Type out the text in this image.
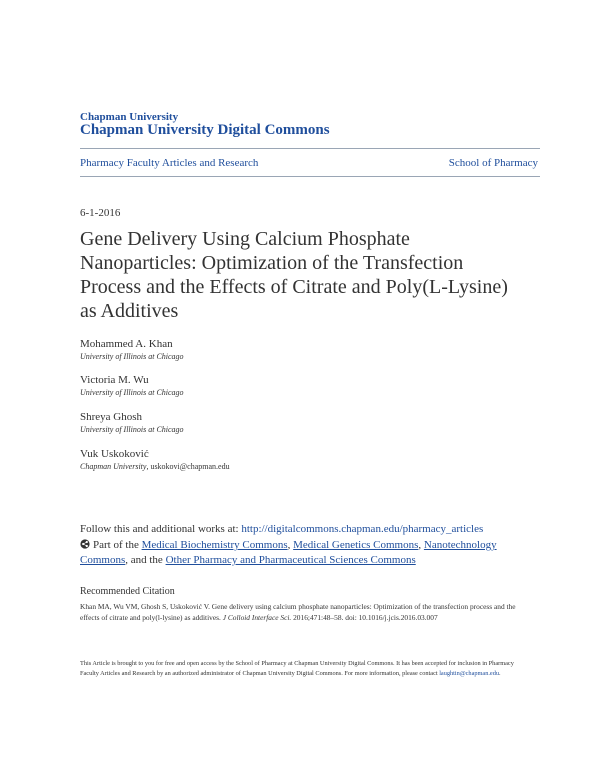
Chapman University
Chapman University Digital Commons
Pharmacy Faculty Articles and Research	School of Pharmacy
6-1-2016
Gene Delivery Using Calcium Phosphate Nanoparticles: Optimization of the Transfection Process and the Effects of Citrate and Poly(L-Lysine) as Additives
Mohammed A. Khan
University of Illinois at Chicago
Victoria M. Wu
University of Illinois at Chicago
Shreya Ghosh
University of Illinois at Chicago
Vuk Uskoković
Chapman University, uskokovi@chapman.edu
Follow this and additional works at: http://digitalcommons.chapman.edu/pharmacy_articles
Part of the Medical Biochemistry Commons, Medical Genetics Commons, Nanotechnology Commons, and the Other Pharmacy and Pharmaceutical Sciences Commons
Recommended Citation
Khan MA, Wu VM, Ghosh S, Uskoković V. Gene delivery using calcium phosphate nanoparticles: Optimization of the transfection process and the effects of citrate and poly(l-lysine) as additives. J Colloid Interface Sci. 2016;471:48–58. doi: 10.1016/j.jcis.2016.03.007
This Article is brought to you for free and open access by the School of Pharmacy at Chapman University Digital Commons. It has been accepted for inclusion in Pharmacy Faculty Articles and Research by an authorized administrator of Chapman University Digital Commons. For more information, please contact laughtin@chapman.edu.
